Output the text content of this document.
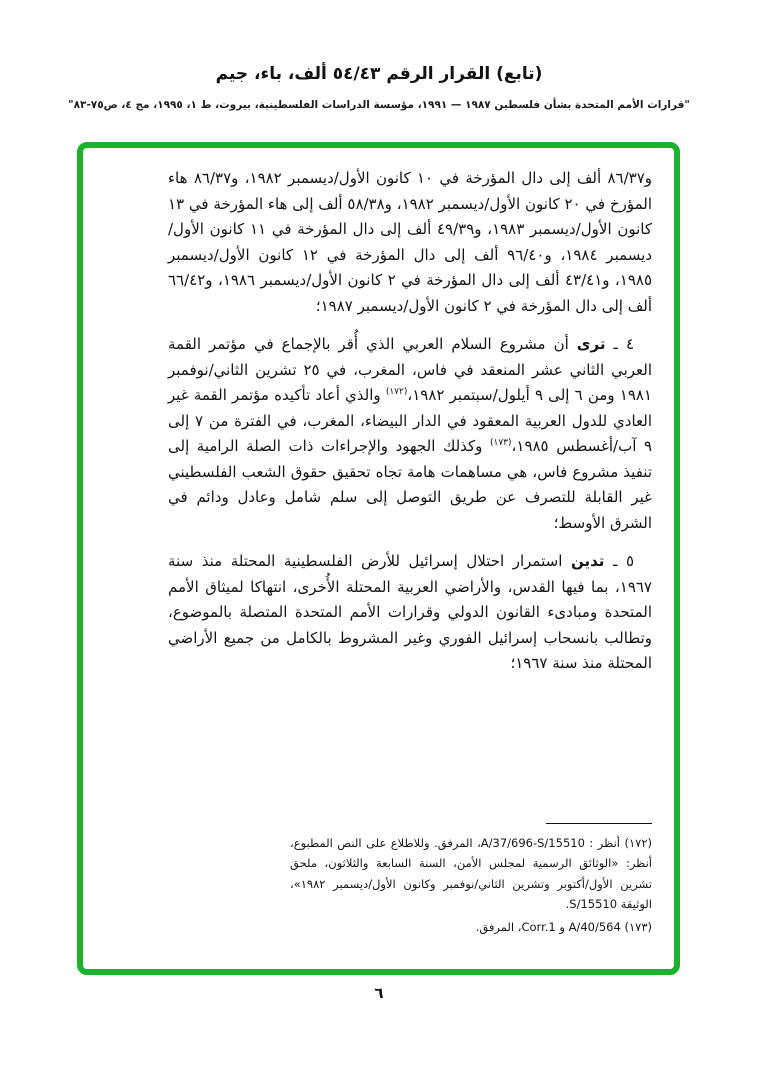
(تابع) القرار الرقم ٥٤/٤٣ ألف، باء، جيم
"قرارات الأمم المتحدة بشأن فلسطين ١٩٨٧ — ١٩٩١، مؤسسة الدراسات الفلسطينية، بيروت، ط ١، ١٩٩٥، مج ٤، ص٧٥-٨٣"

و٨٦/٣٧ ألف إلى دال المؤرخة في ١٠ كانون الأول/ديسمبر ١٩٨٢، و٨٦/٣٧ هاء المؤرخ في ٢٠ كانون الأول/ديسمبر ١٩٨٢، و٥٨/٣٨ ألف إلى هاء المؤرخة في ١٣ كانون الأول/ديسمبر ١٩٨٣، و٤٩/٣٩ ألف إلى دال المؤرخة في ١١ كانون الأول/ديسمبر ١٩٨٤، و٩٦/٤٠ ألف إلى دال المؤرخة في ١٢ كانون الأول/ديسمبر ١٩٨٥، و٤٣/٤١ ألف إلى دال المؤرخة في ٢ كانون الأول/ديسمبر ١٩٨٦، و٦٦/٤٢ ألف إلى دال المؤرخة في ٢ كانون الأول/ديسمبر ١٩٨٧؛

٤ ـ ترى أن مشروع السلام العربي الذي أُقر بالإجماع في مؤتمر القمة العربي الثاني عشر المنعقد في فاس، المغرب، في ٢٥ تشرين الثاني/نوفمبر ١٩٨١ ومن ٦ إلى ٩ أيلول/سبتمبر ١٩٨٢،$^{(١٧٢)}$ والذي أعاد تأكيده مؤتمر القمة غير العادي للدول العربية المعقود في الدار البيضاء، المغرب، في الفترة من ٧ إلى ٩ آب/أغسطس ١٩٨٥،$^{(١٧٣)}$ وكذلك الجهود والإجراءات ذات الصلة الرامية إلى تنفيذ مشروع فاس، هي مساهمات هامة تجاه تحقيق حقوق الشعب الفلسطيني غير القابلة للتصرف عن طريق التوصل إلى سلم شامل وعادل ودائم في الشرق الأوسط؛

٥ ـ تدين استمرار احتلال إسرائيل للأرض الفلسطينية المحتلة منذ سنة ١٩٦٧، بما فيها القدس، والأراضي العربية المحتلة الأُخرى، انتهاكا لميثاق الأمم المتحدة ومبادىء القانون الدولي وقرارات الأمم المتحدة المتصلة بالموضوع، وتطالب بانسحاب إسرائيل الفوري وغير المشروط بالكامل من جميع الأراضي المحتلة منذ سنة ١٩٦٧؛

(١٧٢) أنظر : A/37/696-S/15510، المرفق. وللاطلاع على النص المطبوع، أنظر: «الوثائق الرسمية لمجلس الأمن، السنة السابعة والثلاثون، ملحق تشرين الأول/أكتوبر وتشرين الثاني/نوفمبر وكانون الأول/ديسمبر ١٩٨٢»، الوثيقة S/15510.

(١٧٣) A/40/564 و Corr.1، المرفق.

٦
